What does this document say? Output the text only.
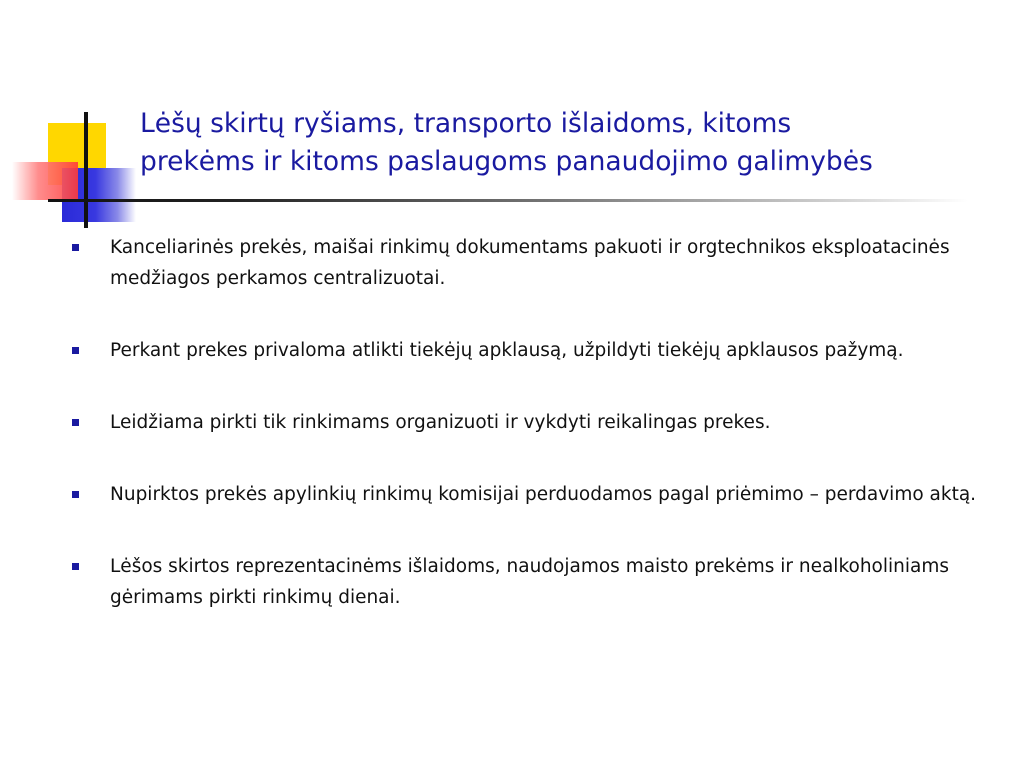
Lėšų skirtų ryšiams, transporto išlaidoms, kitoms
prekėms ir kitoms paslaugoms panaudojimo galimybės
Kanceliarinės prekės, maišai rinkimų dokumentams pakuoti ir orgtechnikos eksploatacinės medžiagos perkamos centralizuotai.
Perkant prekes privaloma atlikti tiekėjų apklausą, užpildyti tiekėjų apklausos pažymą.
Leidžiama pirkti tik rinkimams organizuoti ir vykdyti reikalingas prekes.
Nupirktos prekės apylinkių rinkimų komisijai perduodamos pagal priėmimo – perdavimo aktą.
Lėšos skirtos reprezentacinėms išlaidoms, naudojamos maisto prekėms ir nealkoholiniams gėrimams pirkti rinkimų dienai.
